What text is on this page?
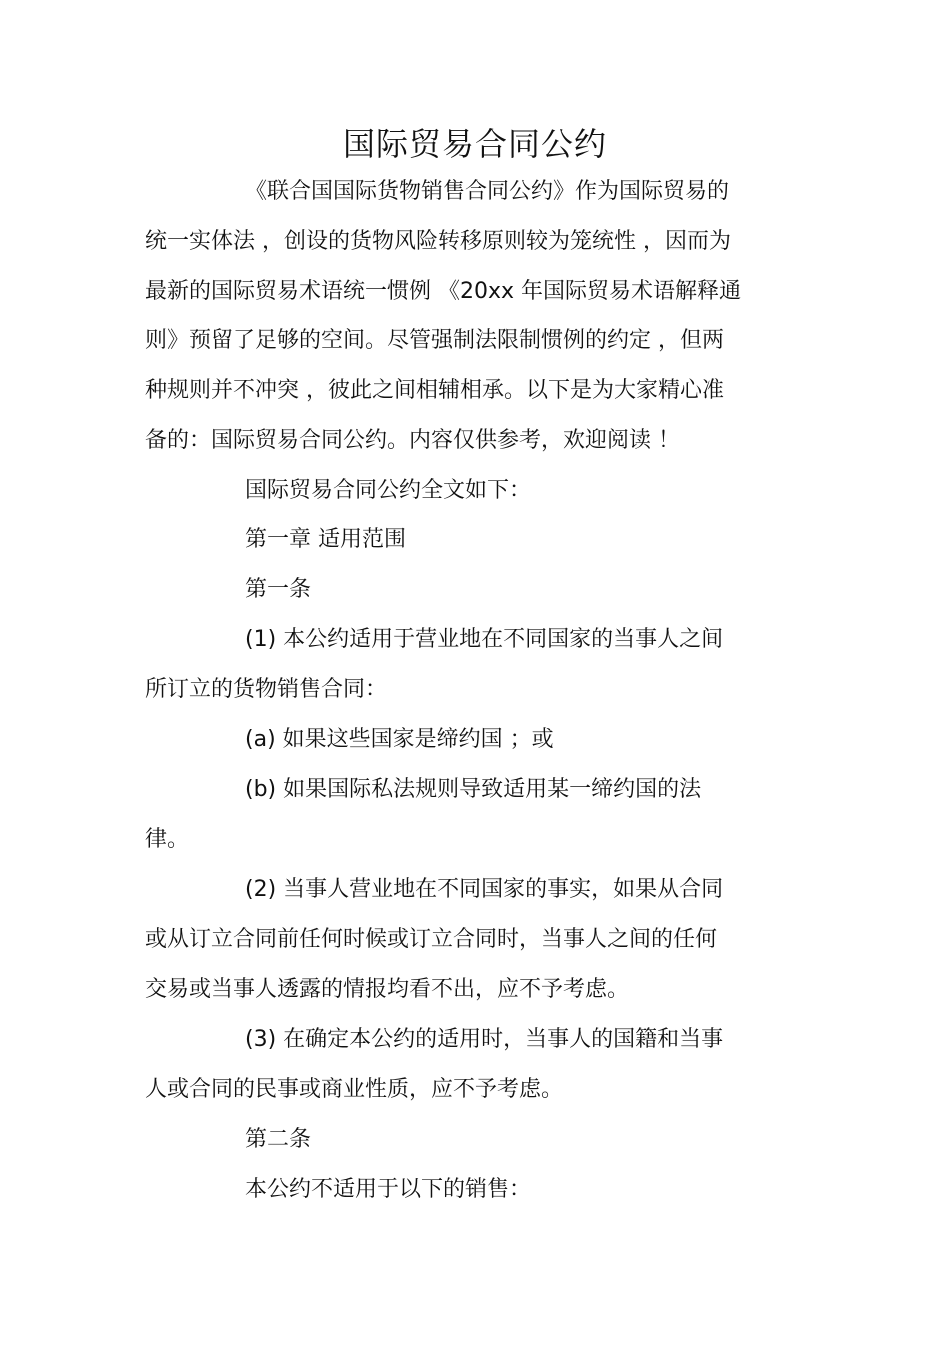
国际贸易合同公约
《联合国国际货物销售合同公约》作为国际贸易的
统一实体法 ，创设的货物风险转移原则较为笼统性 ，因而为
最新的国际贸易术语统一惯例 《20xx 年国际贸易术语解释通
则》预留了足够的空间。尽管强制法限制惯例的约定 ，但两
种规则并不冲突 ，彼此之间相辅相承。以下是为大家精心准
备的：国际贸易合同公约。内容仅供参考，欢迎阅读 ！
国际贸易合同公约全文如下：
第一章 适用范围
第一条
(1) 本公约适用于营业地在不同国家的当事人之间
所订立的货物销售合同：
(a) 如果这些国家是缔约国 ；或
(b) 如果国际私法规则导致适用某一缔约国的法
律。
(2) 当事人营业地在不同国家的事实，如果从合同
或从订立合同前任何时候或订立合同时，当事人之间的任何
交易或当事人透露的情报均看不出，应不予考虑。
(3) 在确定本公约的适用时，当事人的国籍和当事
人或合同的民事或商业性质，应不予考虑。
第二条
本公约不适用于以下的销售：
